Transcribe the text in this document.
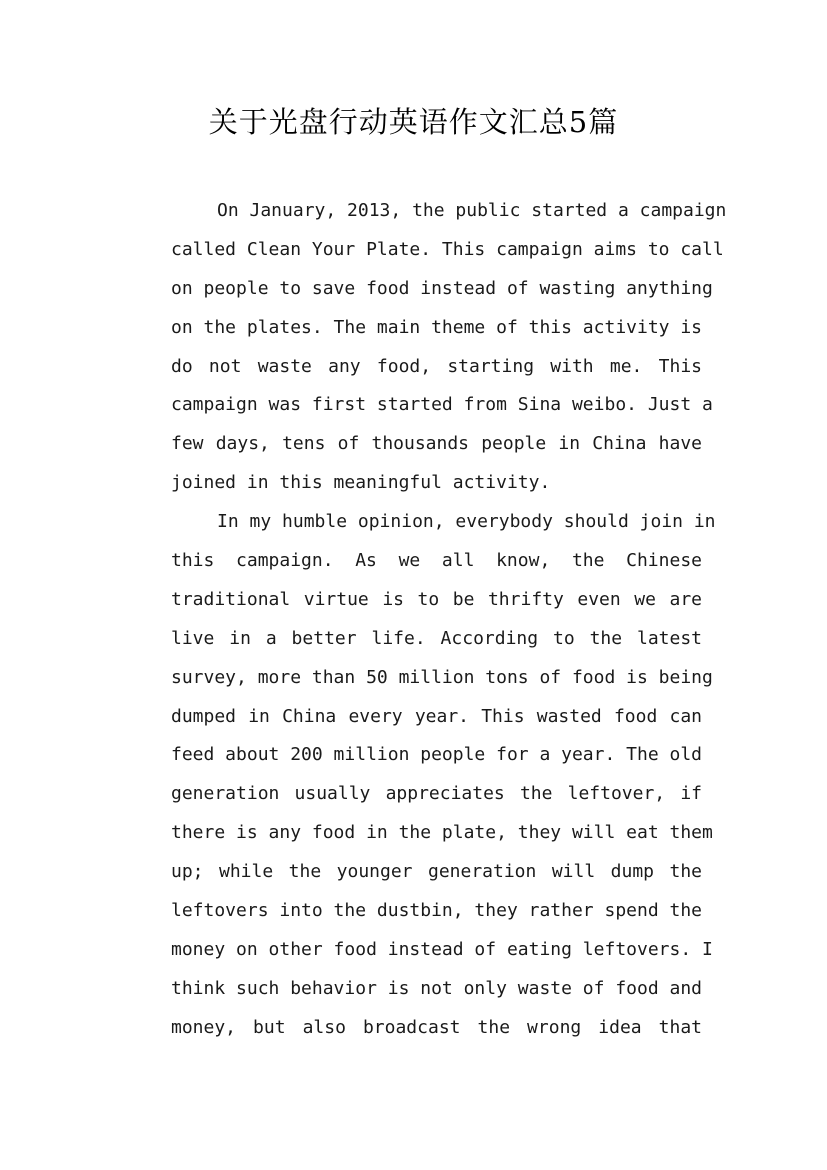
关于光盘行动英语作文汇总5篇
On January, 2013, the public started a campaign
called Clean Your Plate. This campaign aims to call
on people to save food instead of wasting anything
on the plates. The main theme of this activity is
do not waste any food, starting with me. This
campaign was first started from Sina weibo. Just a
few days, tens of thousands people in China have
joined in this meaningful activity.
In my humble opinion, everybody should join in
this campaign. As we all know, the Chinese
traditional virtue is to be thrifty even we are
live in a better life. According to the latest
survey, more than 50 million tons of food is being
dumped in China every year. This wasted food can
feed about 200 million people for a year. The old
generation usually appreciates the leftover, if
there is any food in the plate, they will eat them
up; while the younger generation will dump the
leftovers into the dustbin, they rather spend the
money on other food instead of eating leftovers. I
think such behavior is not only waste of food and
money, but also broadcast the wrong idea that
